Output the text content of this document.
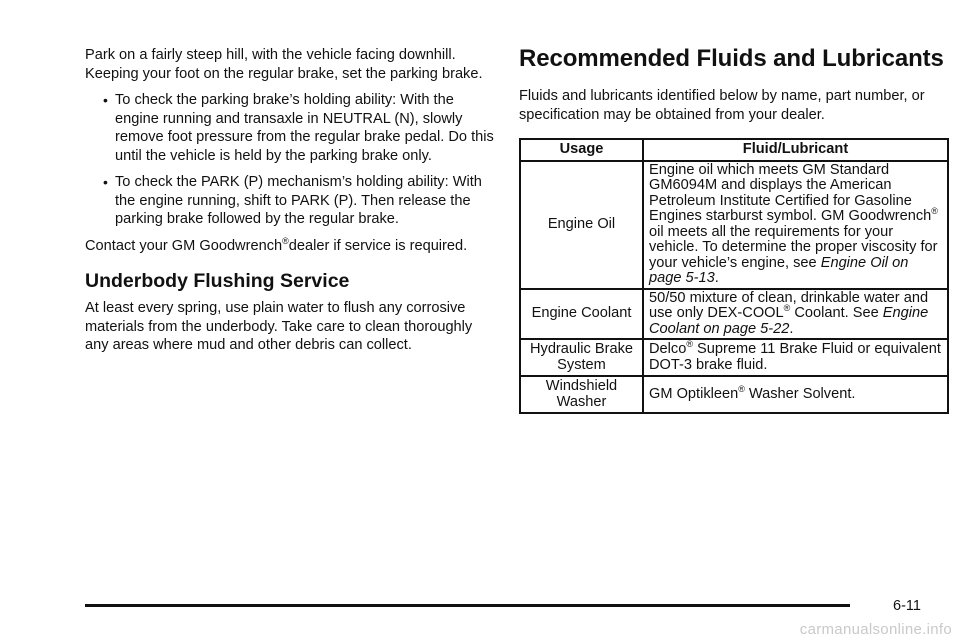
Park on a fairly steep hill, with the vehicle facing downhill. Keeping your foot on the regular brake, set the parking brake.

• To check the parking brake’s holding ability: With the engine running and transaxle in NEUTRAL (N), slowly remove foot pressure from the regular brake pedal. Do this until the vehicle is held by the parking brake only.
• To check the PARK (P) mechanism’s holding ability: With the engine running, shift to PARK (P). Then release the parking brake followed by the regular brake.

Contact your GM Goodwrench®dealer if service is required.

Underbody Flushing Service

At least every spring, use plain water to flush any corrosive materials from the underbody. Take care to clean thoroughly any areas where mud and other debris can collect.

Recommended Fluids and Lubricants

Fluids and lubricants identified below by name, part number, or specification may be obtained from your dealer.

Usage	Fluid/Lubricant
Engine Oil	Engine oil which meets GM Standard GM6094M and displays the American Petroleum Institute Certified for Gasoline Engines starburst symbol. GM Goodwrench® oil meets all the requirements for your vehicle. To determine the proper viscosity for your vehicle’s engine, see Engine Oil on page 5-13.
Engine Coolant	50/50 mixture of clean, drinkable water and use only DEX-COOL® Coolant. See Engine Coolant on page 5-22.
Hydraulic Brake System	Delco® Supreme 11 Brake Fluid or equivalent DOT-3 brake fluid.
Windshield Washer	GM Optikleen® Washer Solvent.
6-11
carmanualsonline.info
